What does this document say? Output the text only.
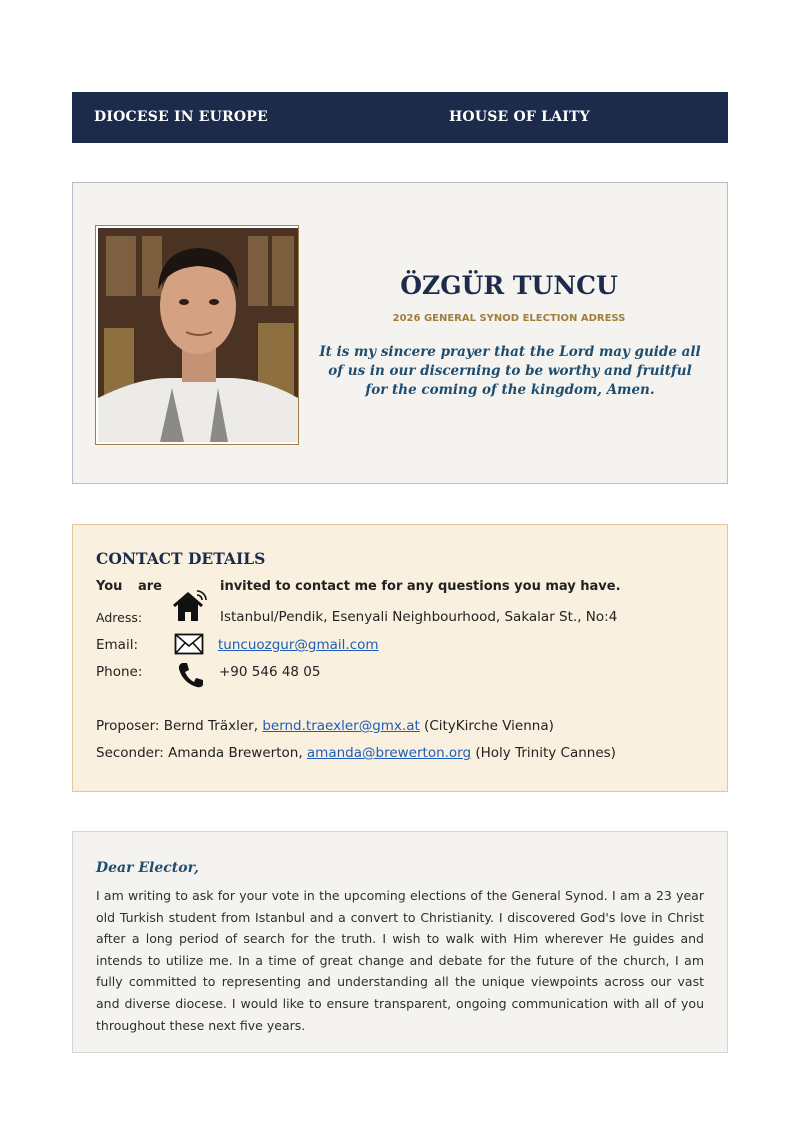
DIOCESE IN EUROPE	HOUSE OF LAITY
ÖZGÜR TUNCU
2026 GENERAL SYNOD ELECTION ADRESS
It is my sincere prayer that the Lord may guide all of us in our discerning to be worthy and fruitful for the coming of the kingdom, Amen.
CONTACT DETAILS
You are	invited to contact me for any questions you may have.
Adress:	Istanbul/Pendik, Esenyali Neighbourhood, Sakalar St., No:4
Email:	tuncuozgur@gmail.com
Phone:	+90 546 48 05
Proposer: Bernd Träxler, bernd.traexler@gmx.at (CityKirche Vienna)
Seconder: Amanda Brewerton, amanda@brewerton.org (Holy Trinity Cannes)
Dear Elector,
I am writing to ask for your vote in the upcoming elections of the General Synod. I am a 23 year old Turkish student from Istanbul and a convert to Christianity. I discovered God's love in Christ after a long period of search for the truth. I wish to walk with Him wherever He guides and intends to utilize me. In a time of great change and debate for the future of the church, I am fully committed to representing and understanding all the unique viewpoints across our vast and diverse diocese. I would like to ensure transparent, ongoing communication with all of you throughout these next five years.
